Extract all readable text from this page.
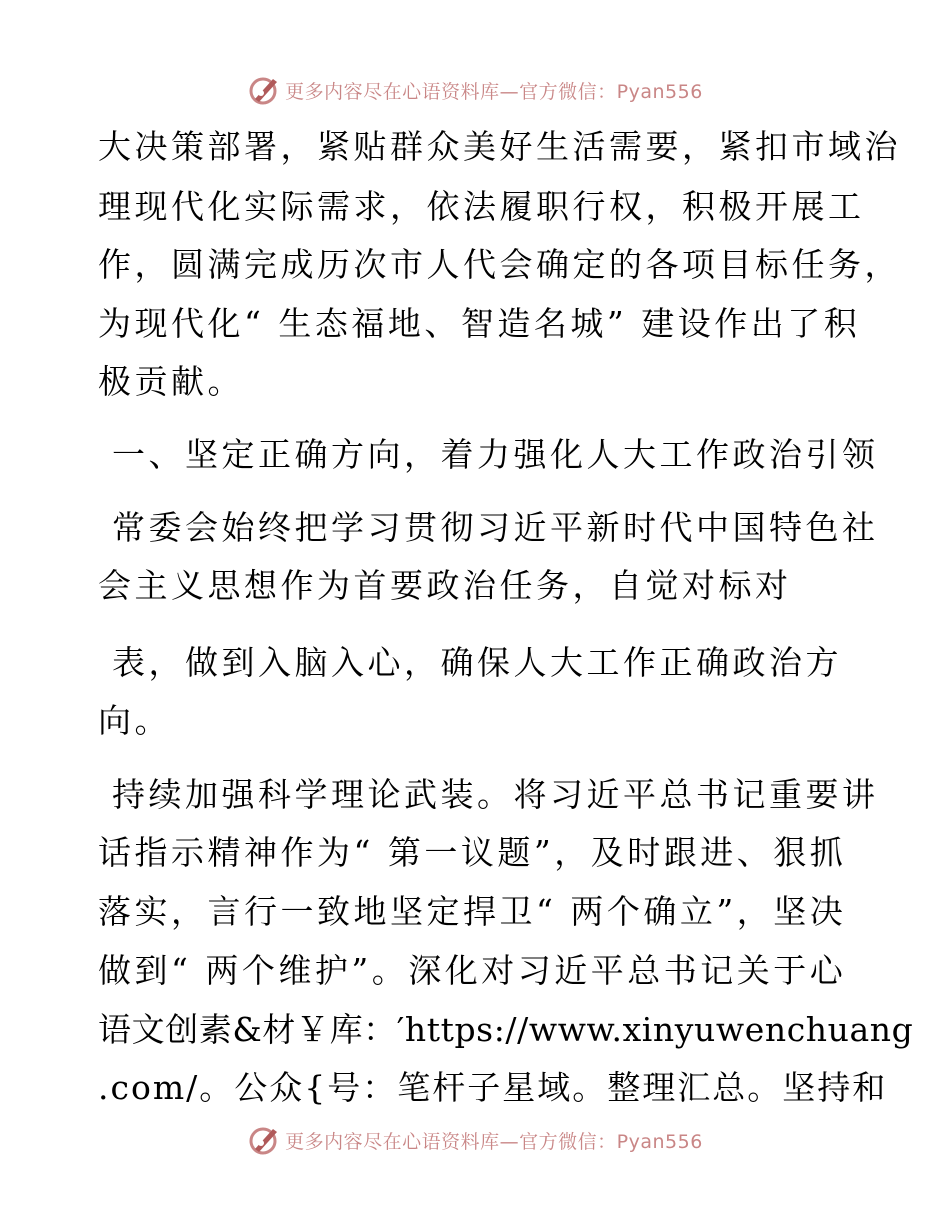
更多内容尽在心语资料库—官方微信：Pyan556
大决策部署，紧贴群众美好生活需要，紧扣市域治
理现代化实际需求，依法履职行权，积极开展工
作，圆满完成历次市人代会确定的各项目标任务，
为现代化“ 生态福地、智造名城” 建设作出了积
极贡献。
一、坚定正确方向，着力强化人大工作政治引领
常委会始终把学习贯彻习近平新时代中国特色社
会主义思想作为首要政治任务，自觉对标对
表，做到入脑入心，确保人大工作正确政治方
向。
持续加强科学理论武装。将习近平总书记重要讲
话指示精神作为“ 第一议题”，及时跟进、狠抓
落实，言行一致地坚定捍卫“ 两个确立”，坚决
做到“ 两个维护”。深化对习近平总书记关于心
语文创素&材￥库：′https://www.xinyuwenchuang
.com/。公众{号：笔杆子星域。整理汇总。坚持和
更多内容尽在心语资料库—官方微信：Pyan556
